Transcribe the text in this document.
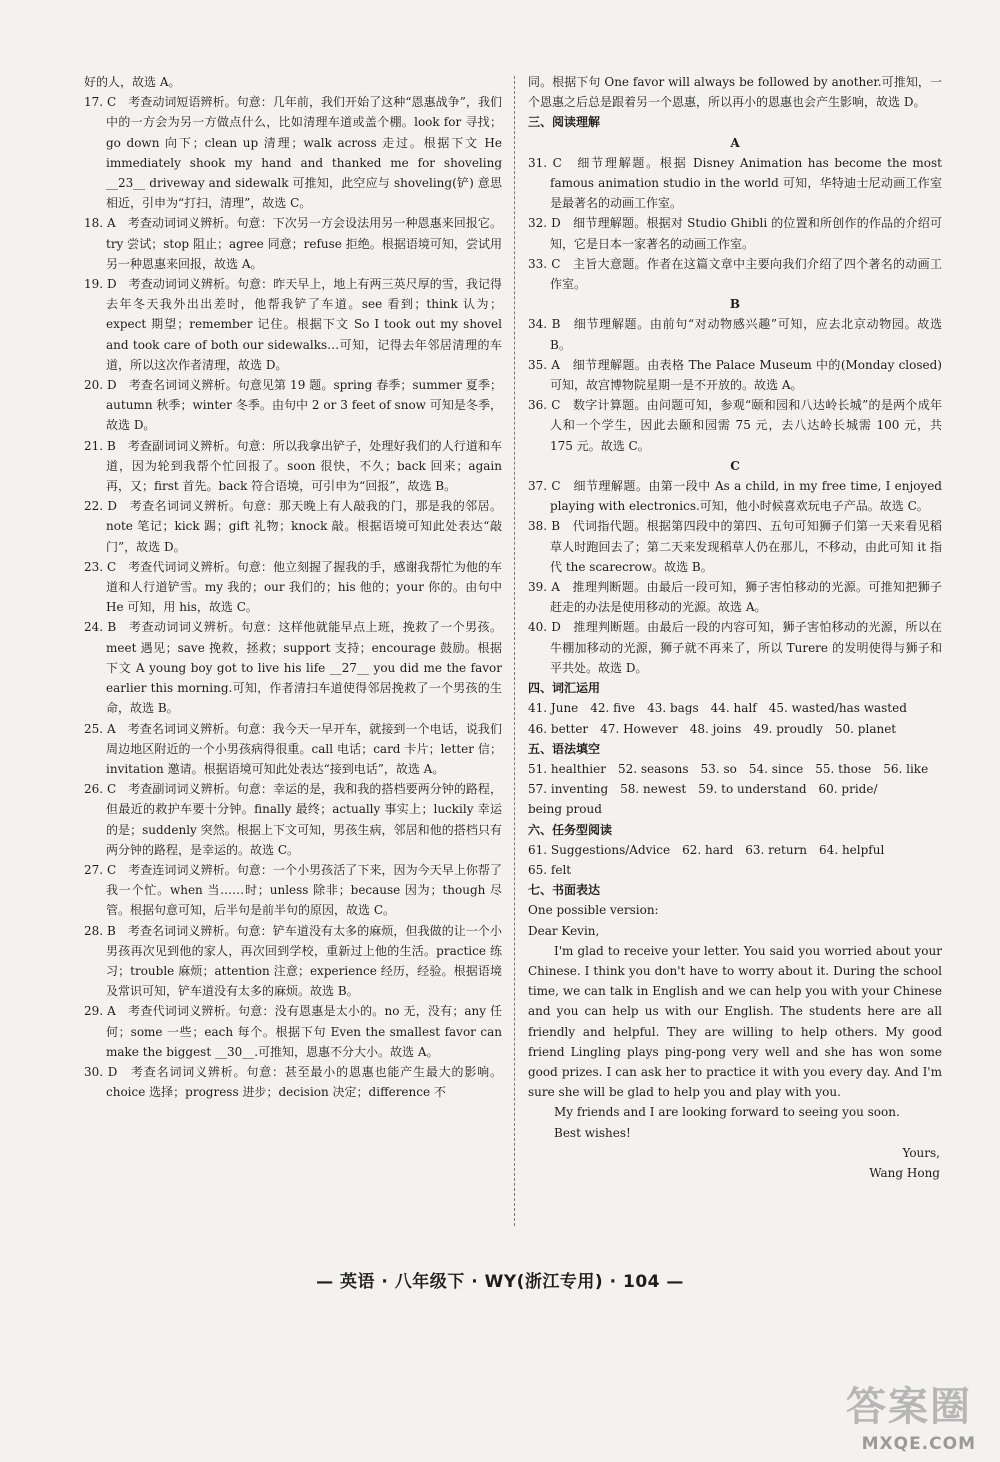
好的人，故选 A。

17. C　考查动词短语辨析。句意：几年前，我们开始了这种“恩惠战争”，我们中的一方会为另一方做点什么，比如清理车道或盖个棚。look for 寻找；go down 向下；clean up 清理；walk across 走过。根据下文 He immediately shook my hand and thanked me for shoveling __23__ driveway and sidewalk 可推知，此空应与 shoveling(铲) 意思相近，引申为“打扫，清理”，故选 C。

18. A　考查动词词义辨析。句意：下次另一方会设法用另一种恩惠来回报它。try 尝试；stop 阻止；agree 同意；refuse 拒绝。根据语境可知，尝试用另一种恩惠来回报，故选 A。

19. D　考查动词词义辨析。句意：昨天早上，地上有两三英尺厚的雪，我记得去年冬天我外出出差时，他帮我铲了车道。see 看到；think 认为；expect 期望；remember 记住。根据下文 So I took out my shovel and took care of both our sidewalks…可知，记得去年邻居清理的车道，所以这次作者清理，故选 D。

20. D　考查名词词义辨析。句意见第 19 题。spring 春季；summer 夏季；autumn 秋季；winter 冬季。由句中 2 or 3 feet of snow 可知是冬季，故选 D。

21. B　考查副词词义辨析。句意：所以我拿出铲子，处理好我们的人行道和车道，因为轮到我帮个忙回报了。soon 很快，不久；back 回来；again 再，又；first 首先。back 符合语境，可引申为“回报”，故选 B。

22. D　考查名词词义辨析。句意：那天晚上有人敲我的门，那是我的邻居。note 笔记；kick 踢；gift 礼物；knock 敲。根据语境可知此处表达“敲门”，故选 D。

23. C　考查代词词义辨析。句意：他立刻握了握我的手，感谢我帮忙为他的车道和人行道铲雪。my 我的；our 我们的；his 他的；your 你的。由句中 He 可知，用 his，故选 C。

24. B　考查动词词义辨析。句意：这样他就能早点上班，挽救了一个男孩。meet 遇见；save 挽救，拯救；support 支持；encourage 鼓励。根据下文 A young boy got to live his life __27__ you did me the favor earlier this morning.可知，作者清扫车道使得邻居挽救了一个男孩的生命，故选 B。

25. A　考查名词词义辨析。句意：我今天一早开车，就接到一个电话，说我们周边地区附近的一个小男孩病得很重。call 电话；card 卡片；letter 信；invitation 邀请。根据语境可知此处表达“接到电话”，故选 A。

26. C　考查副词词义辨析。句意：幸运的是，我和我的搭档要两分钟的路程，但最近的救护车要十分钟。finally 最终；actually 事实上；luckily 幸运的是；suddenly 突然。根据上下文可知，男孩生病，邻居和他的搭档只有两分钟的路程，是幸运的。故选 C。

27. C　考查连词词义辨析。句意：一个小男孩活了下来，因为今天早上你帮了我一个忙。when 当……时；unless 除非；because 因为；though 尽管。根据句意可知，后半句是前半句的原因，故选 C。

28. B　考查名词词义辨析。句意：铲车道没有太多的麻烦，但我做的让一个小男孩再次见到他的家人，再次回到学校，重新过上他的生活。practice 练习；trouble 麻烦；attention 注意；experience 经历，经验。根据语境及常识可知，铲车道没有太多的麻烦。故选 B。

29. A　考查代词词义辨析。句意：没有恩惠是太小的。no 无，没有；any 任何；some 一些；each 每个。根据下句 Even the smallest favor can make the biggest __30__.可推知，恩惠不分大小。故选 A。

30. D　考查名词词义辨析。句意：甚至最小的恩惠也能产生最大的影响。choice 选择；progress 进步；decision 决定；difference 不

同。根据下句 One favor will always be followed by another.可推知，一个恩惠之后总是跟着另一个恩惠，所以再小的恩惠也会产生影响，故选 D。

三、阅读理解

A

31. C　细节理解题。根据 Disney Animation has become the most famous animation studio in the world 可知，华特迪士尼动画工作室是最著名的动画工作室。

32. D　细节理解题。根据对 Studio Ghibli 的位置和所创作的作品的介绍可知，它是日本一家著名的动画工作室。

33. C　主旨大意题。作者在这篇文章中主要向我们介绍了四个著名的动画工作室。

B

34. B　细节理解题。由前句“对动物感兴趣”可知，应去北京动物园。故选 B。

35. A　细节理解题。由表格 The Palace Museum 中的(Monday closed)可知，故宫博物院星期一是不开放的。故选 A。

36. C　数字计算题。由问题可知，参观“颐和园和八达岭长城”的是两个成年人和一个学生，因此去颐和园需 75 元，去八达岭长城需 100 元，共 175 元。故选 C。

C

37. C　细节理解题。由第一段中 As a child, in my free time, I enjoyed playing with electronics.可知，他小时候喜欢玩电子产品。故选 C。

38. B　代词指代题。根据第四段中的第四、五句可知狮子们第一天来看见稻草人时跑回去了；第二天来发现稻草人仍在那儿，不移动，由此可知 it 指代 the scarecrow。故选 B。

39. A　推理判断题。由最后一段可知，狮子害怕移动的光源。可推知把狮子赶走的办法是使用移动的光源。故选 A。

40. D　推理判断题。由最后一段的内容可知，狮子害怕移动的光源，所以在牛棚加移动的光源，狮子就不再来了，所以 Turere 的发明使得与狮子和平共处。故选 D。

四、词汇运用

41. June 42. five 43. bags 44. half 45. wasted/has wasted

46. better 47. However 48. joins 49. proudly 50. planet

五、语法填空

51. healthier 52. seasons 53. so 54. since 55. those 56. like

57. inventing 58. newest 59. to understand 60. pride/

being proud

六、任务型阅读

61. Suggestions/Advice 62. hard 63. return 64. helpful

65. felt

七、书面表达

One possible version:

Dear Kevin,

I'm glad to receive your letter. You said you worried about your Chinese. I think you don't have to worry about it. During the school time, we can talk in English and we can help you with your Chinese and you can help us with our English. The students here are all friendly and helpful. They are willing to help others. My good friend Lingling plays ping-pong very well and she has won some good prizes. I can ask her to practice it with you every day. And I'm sure she will be glad to help you and play with you.

My friends and I are looking forward to seeing you soon.

Best wishes!

Yours,

Wang Hong

— 英语 · 八年级下 · WY(浙江专用) · 104 —
答案圈
MXQE.COM
